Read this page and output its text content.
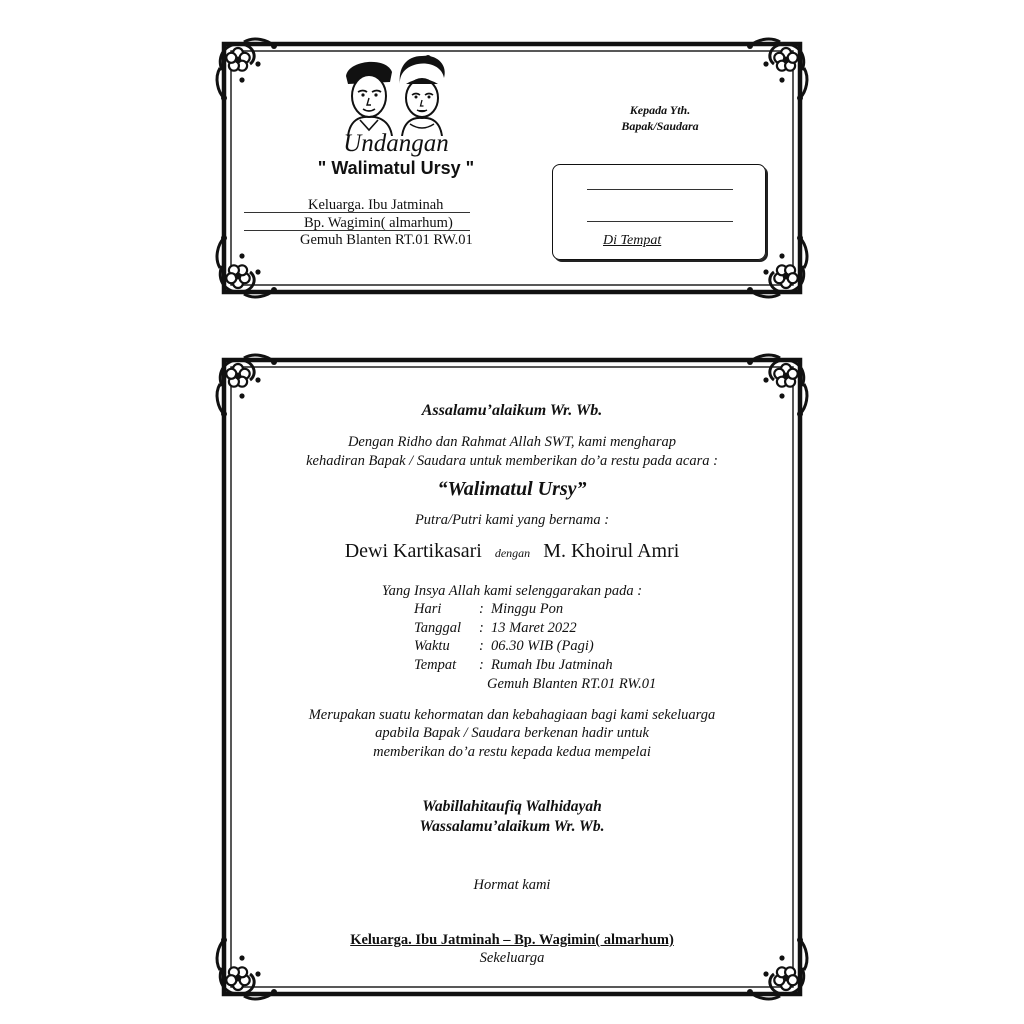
Undangan
" Walimatul Ursy "
Keluarga. Ibu Jatminah
Bp. Wagimin( almarhum)
Gemuh Blanten RT.01 RW.01
Kepada Yth.
Bapak/Saudara
Di Tempat
Assalamu’alaikum Wr. Wb.
Dengan Ridho dan Rahmat Allah SWT, kami mengharap
kehadiran Bapak / Saudara untuk memberikan do’a restu pada acara :
“Walimatul Ursy”
Putra/Putri kami yang bernama :
Dewi Kartikasari dengan M. Khoirul Amri
Yang Insya Allah kami selenggarakan pada :
Hari	: Minggu Pon
Tanggal : 13 Maret 2022
Waktu : 06.30 WIB (Pagi)
Tempat : Rumah Ibu Jatminah
Gemuh Blanten RT.01 RW.01
Merupakan suatu kehormatan dan kebahagiaan bagi kami sekeluarga
apabila Bapak / Saudara berkenan hadir untuk
memberikan do’a restu kepada kedua mempelai
Wabillahitaufiq Walhidayah
Wassalamu’alaikum Wr. Wb.
Hormat kami
Keluarga. Ibu Jatminah – Bp. Wagimin( almarhum)
Sekeluarga
